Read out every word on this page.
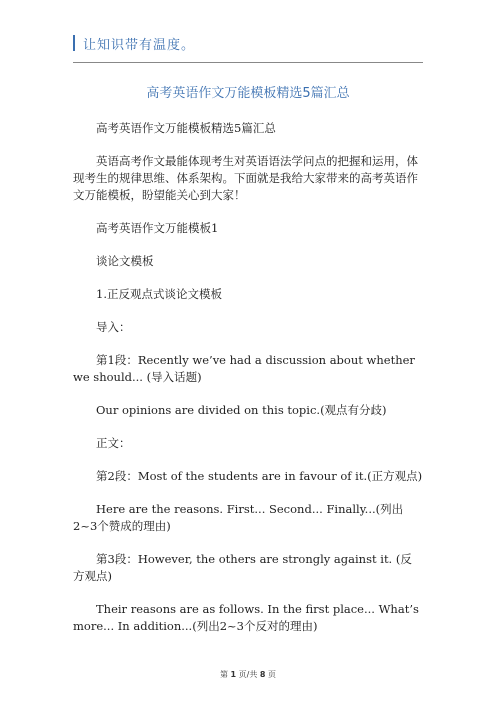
让知识带有温度。
高考英语作文万能模板精选5篇汇总

高考英语作文万能模板精选5篇汇总

英语高考作文最能体现考生对英语语法学问点的把握和运用，体现考生的规律思维、体系架构。下面就是我给大家带来的高考英语作文万能模板，盼望能关心到大家！

高考英语作文万能模板1

谈论文模板

1.正反观点式谈论文模板

导入：

第1段：Recently we’ve had a discussion about whether we should... (导入话题)

Our opinions are divided on this topic.(观点有分歧)

正文：

第2段：Most of the students are in favour of it.(正方观点)

Here are the reasons. First... Second... Finally...(列出2~3个赞成的理由)

第3段：However, the others are strongly against it. (反方观点)

Their reasons are as follows. In the first place... What’s more... In addition...(列出2~3个反对的理由)

第 1 页/共 8 页
